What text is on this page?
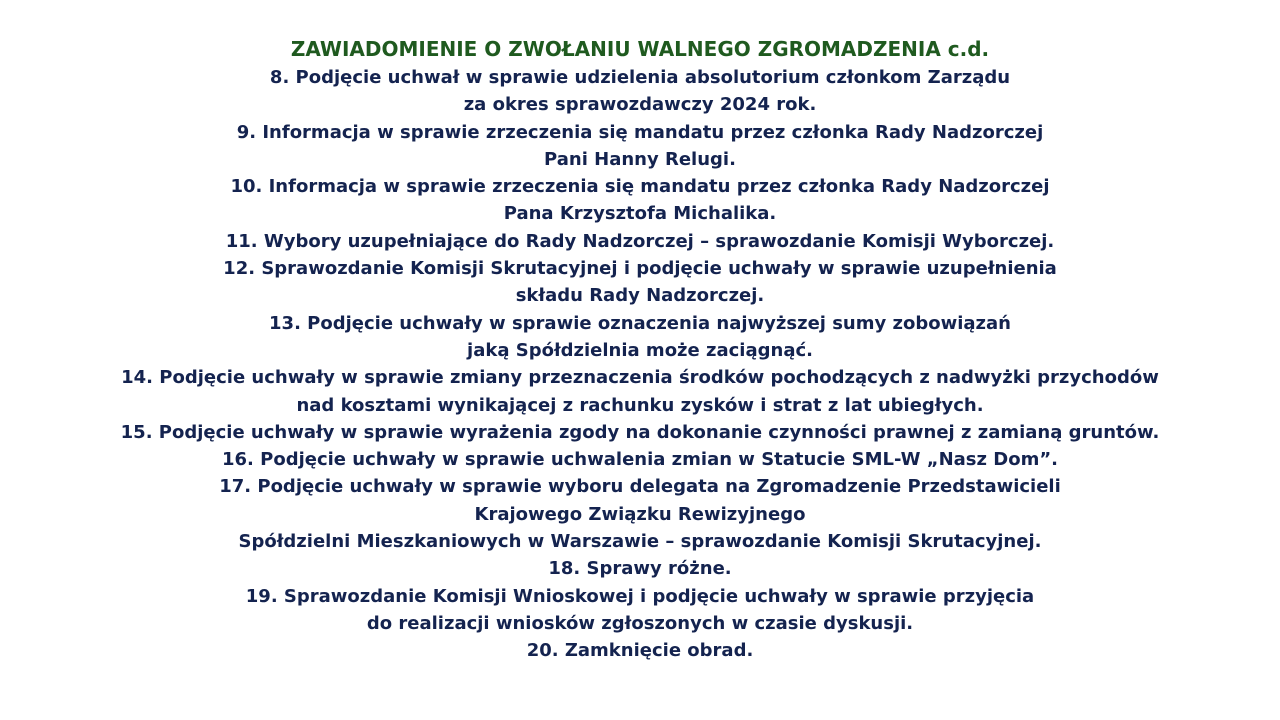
ZAWIADOMIENIE O ZWOŁANIU WALNEGO ZGROMADZENIA c.d.
8. Podjęcie uchwał w sprawie udzielenia absolutorium członkom Zarządu
za okres sprawozdawczy 2024 rok.
9. Informacja w sprawie zrzeczenia się mandatu przez członka Rady Nadzorczej
Pani Hanny Relugi.
10. Informacja w sprawie zrzeczenia się mandatu przez członka Rady Nadzorczej
Pana Krzysztofa Michalika.
11. Wybory uzupełniające do Rady Nadzorczej – sprawozdanie Komisji Wyborczej.
12. Sprawozdanie Komisji Skrutacyjnej i podjęcie uchwały w sprawie uzupełnienia
składu Rady Nadzorczej.
13. Podjęcie uchwały w sprawie oznaczenia najwyższej sumy zobowiązań
jaką Spółdzielnia może zaciągnąć.
14. Podjęcie uchwały w sprawie zmiany przeznaczenia środków pochodzących z nadwyżki przychodów
nad kosztami wynikającej z rachunku zysków i strat z lat ubiegłych.
15. Podjęcie uchwały w sprawie wyrażenia zgody na dokonanie czynności prawnej z zamianą gruntów.
16. Podjęcie uchwały w sprawie uchwalenia zmian w Statucie SML-W „Nasz Dom”.
17. Podjęcie uchwały w sprawie wyboru delegata na Zgromadzenie Przedstawicieli
Krajowego Związku Rewizyjnego
Spółdzielni Mieszkaniowych w Warszawie – sprawozdanie Komisji Skrutacyjnej.
18. Sprawy różne.
19. Sprawozdanie Komisji Wnioskowej i podjęcie uchwały w sprawie przyjęcia
do realizacji wniosków zgłoszonych w czasie dyskusji.
20. Zamknięcie obrad.
